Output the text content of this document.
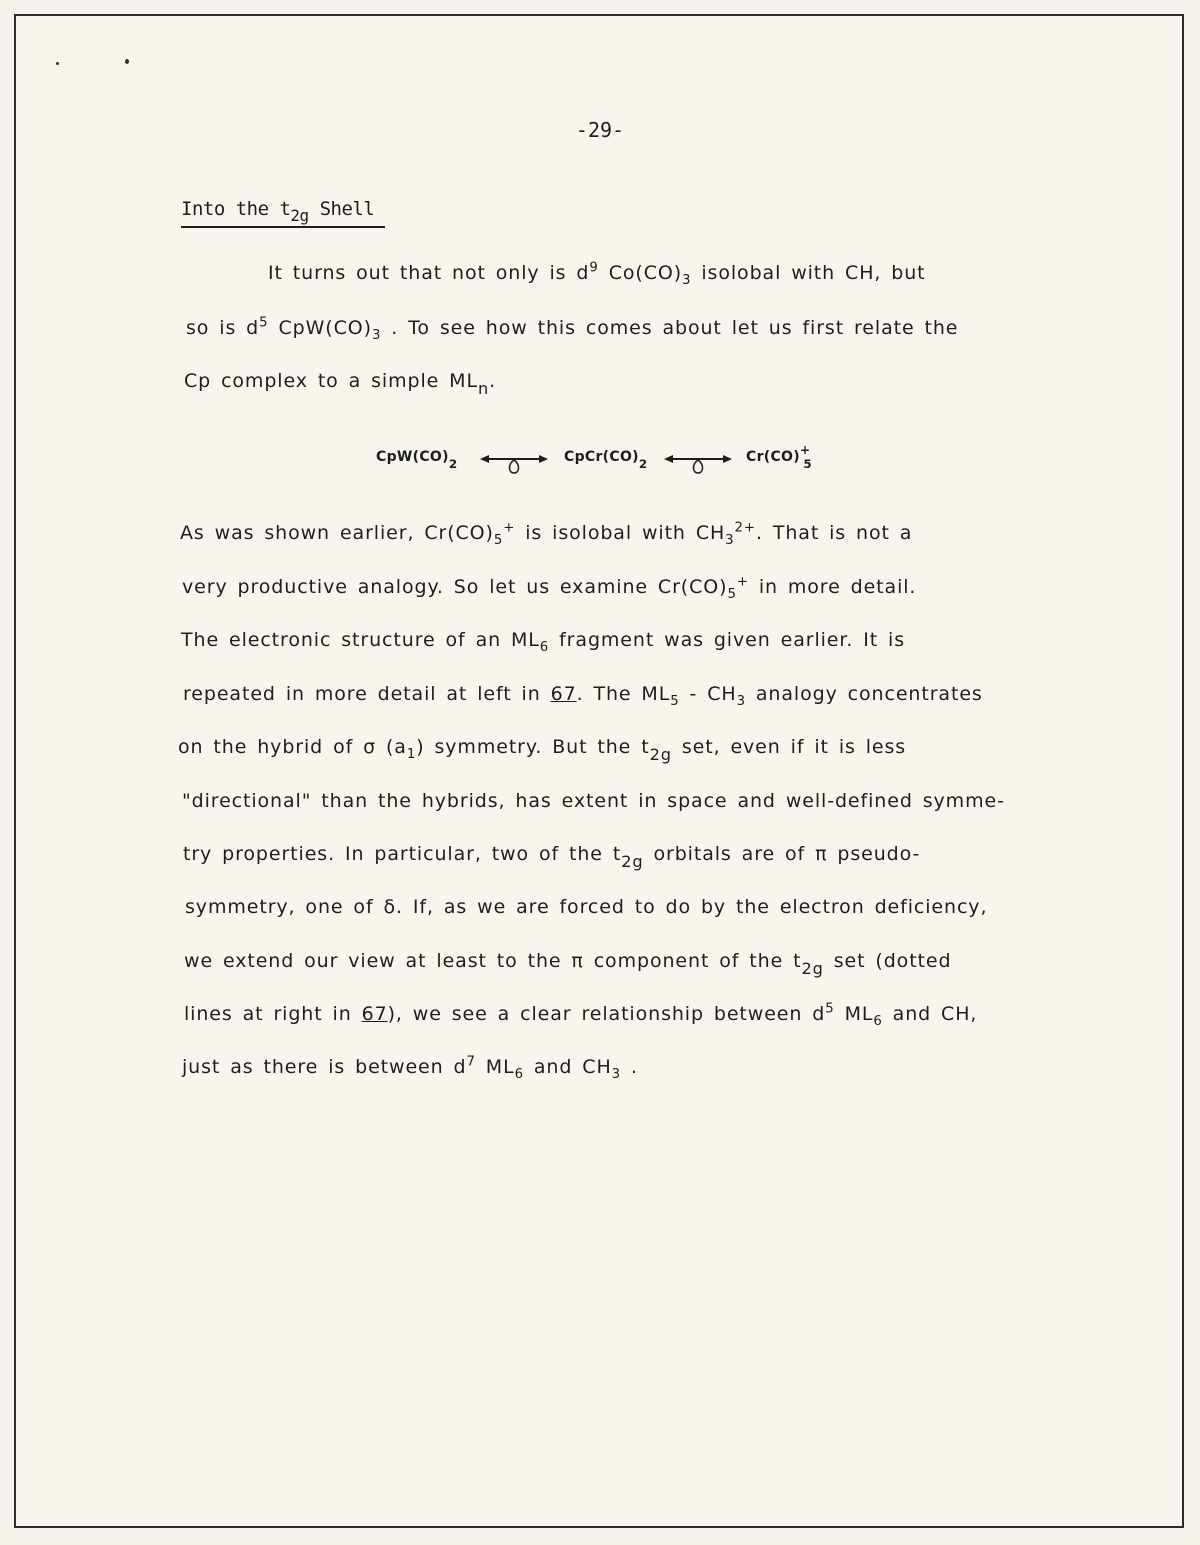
-29-
Into the $t_{2g}$ Shell
It turns out that not only is $d^9$ $Co(CO)_3$ isolobal with CH, but
so is $d^5$ $CpW(CO)_3$ . To see how this comes about let us first relate the
Cp complex to a simple $ML_n$.
$CpW(CO)_2$	$CpCr(CO)_2$	$Cr(CO)+_5$
As was shown earlier, $Cr(CO)_5^+$ is isolobal with $CH_3^{2+}$. That is not a
very productive analogy. So let us examine $Cr(CO)_5^+$ in more detail.
The electronic structure of an $ML_6$ fragment was given earlier. It is
repeated in more detail at left in 67. The $ML_5 - CH_3$ analogy concentrates
on the hybrid of σ $(a_1)$ symmetry. But the $t_{2g}$ set, even if it is less
"directional" than the hybrids, has extent in space and well-defined symme-
try properties. In particular, two of the $t_{2g}$ orbitals are of π pseudo-
symmetry, one of δ. If, as we are forced to do by the electron deficiency,
we extend our view at least to the π component of the $t_{2g}$ set (dotted
lines at right in 67), we see a clear relationship between $d^5$ $ML_6$ and CH,
just as there is between $d^7$ $ML_6$ and $CH_3$ .
